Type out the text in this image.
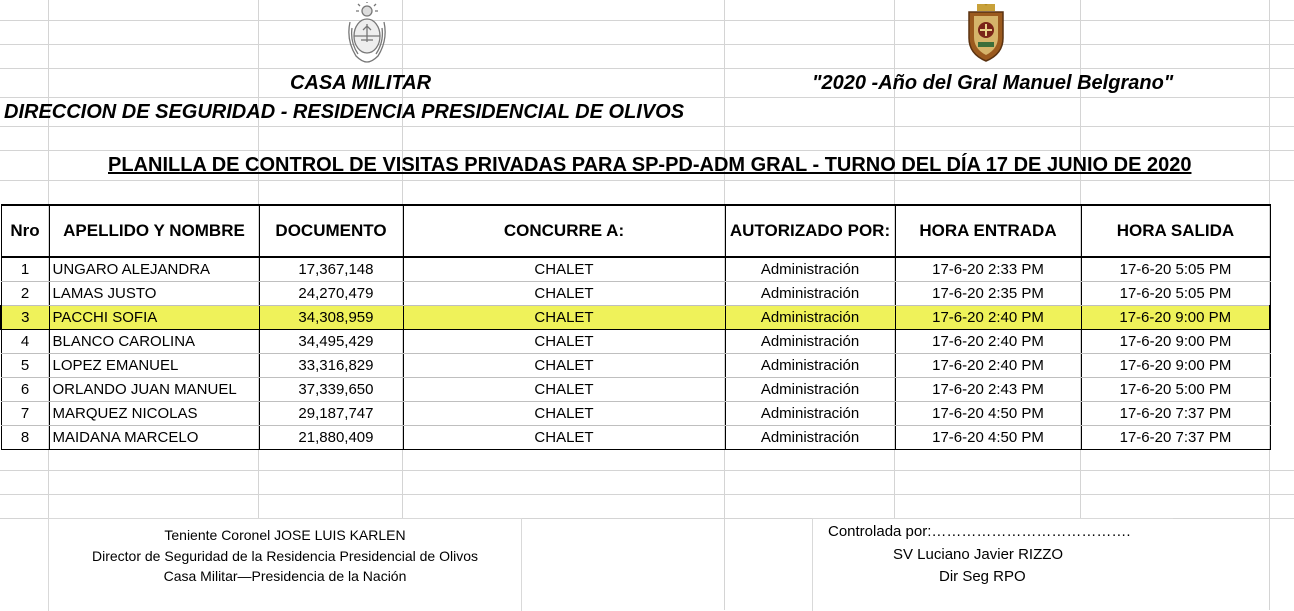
CASA MILITAR	"2020 -Año del Gral Manuel Belgrano"
DIRECCION DE SEGURIDAD - RESIDENCIA PRESIDENCIAL DE OLIVOS
PLANILLA DE CONTROL DE VISITAS PRIVADAS PARA SP-PD-ADM GRAL - TURNO DEL DÍA 17 DE JUNIO DE 2020
Nro	APELLIDO Y NOMBRE	DOCUMENTO	CONCURRE A:	AUTORIZADO POR:	HORA ENTRADA	HORA SALIDA
1	UNGARO ALEJANDRA	17,367,148	CHALET	Administración	17-6-20 2:33 PM	17-6-20 5:05 PM
2	LAMAS JUSTO	24,270,479	CHALET	Administración	17-6-20 2:35 PM	17-6-20 5:05 PM
3	PACCHI SOFIA	34,308,959	CHALET	Administración	17-6-20 2:40 PM	17-6-20 9:00 PM
4	BLANCO CAROLINA	34,495,429	CHALET	Administración	17-6-20 2:40 PM	17-6-20 9:00 PM
5	LOPEZ EMANUEL	33,316,829	CHALET	Administración	17-6-20 2:40 PM	17-6-20 9:00 PM
6	ORLANDO JUAN MANUEL	37,339,650	CHALET	Administración	17-6-20 2:43 PM	17-6-20 5:00 PM
7	MARQUEZ NICOLAS	29,187,747	CHALET	Administración	17-6-20 4:50 PM	17-6-20 7:37 PM
8	MAIDANA MARCELO	21,880,409	CHALET	Administración	17-6-20 4:50 PM	17-6-20 7:37 PM
Teniente Coronel JOSE LUIS KARLEN
Director de Seguridad de la Residencia Presidencial de Olivos
Casa Militar—Presidencia de la Nación
Controlada por:………………………………….
SV Luciano Javier RIZZO
Dir Seg RPO
